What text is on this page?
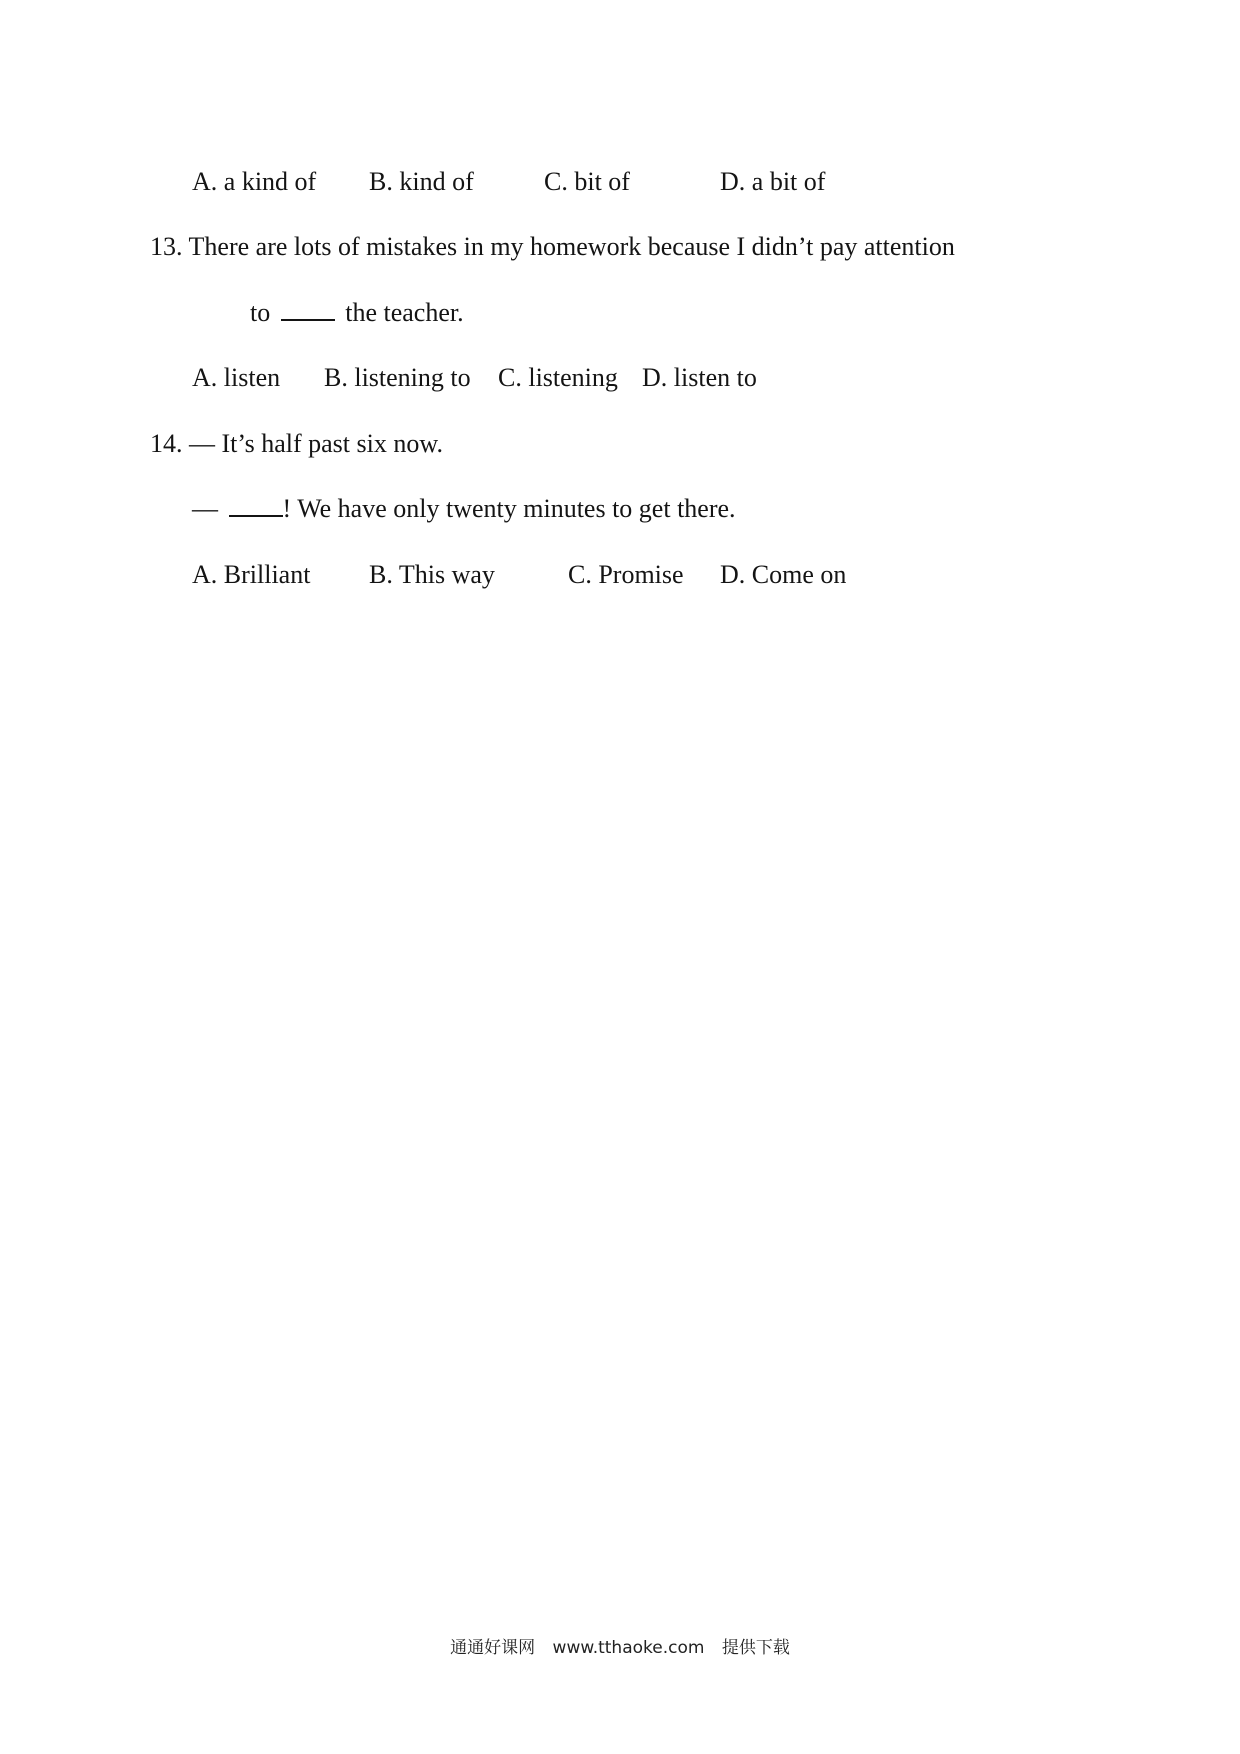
A. a kind of B. kind of	C. bit of	D. a bit of
13. There are lots of mistakes in my homework because I didn’t pay attention
to	the teacher.
A. listen B. listening to C. listening D. listen to
14. — It’s half past six now.
— ! We have only twenty minutes to get there.
A. Brilliant B. This way	C. Promise D. Come on
通通好课网 www.tthaoke.com 提供下载
